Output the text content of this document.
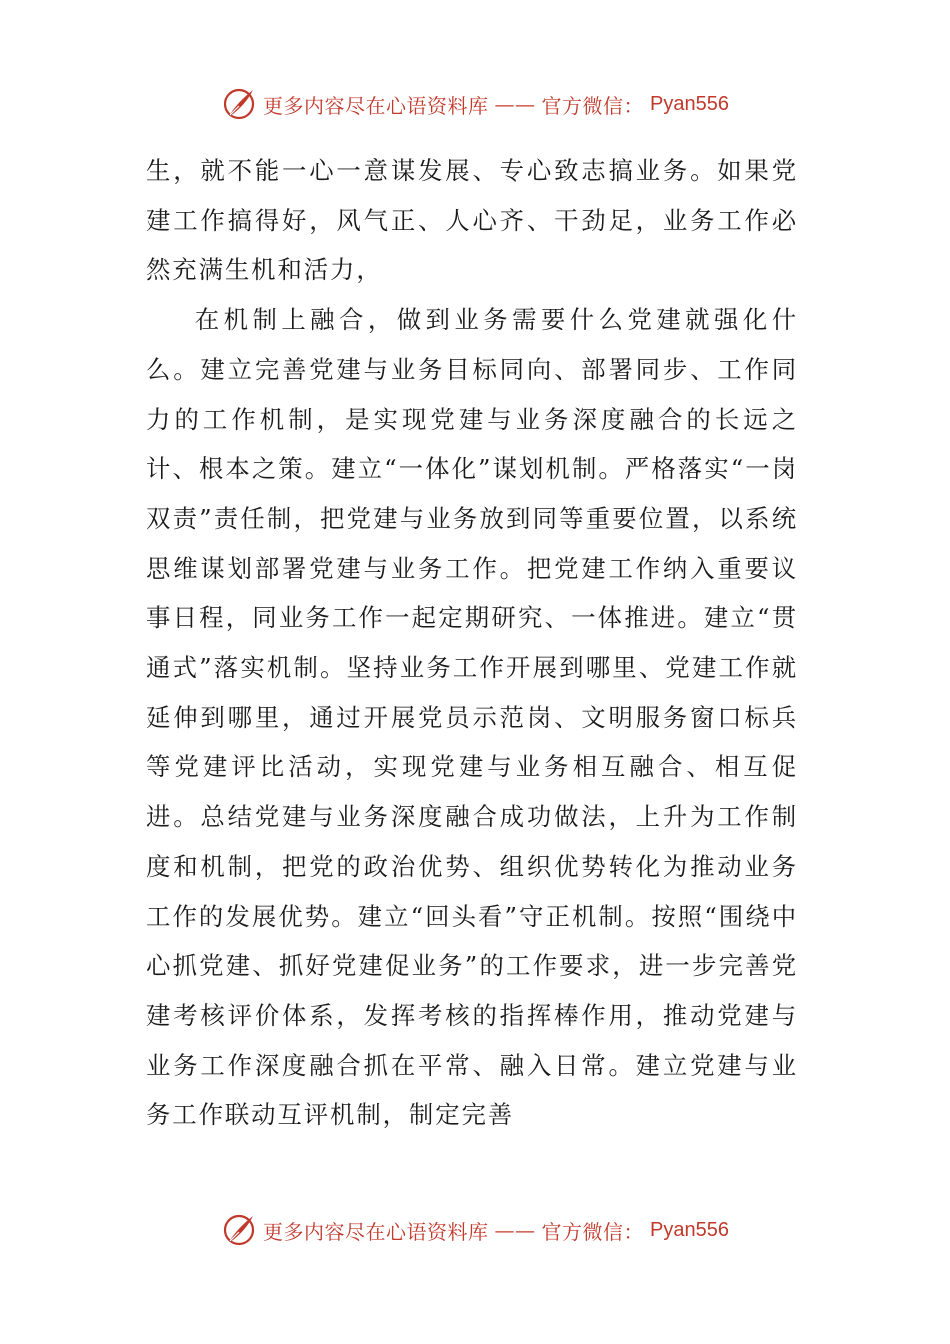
更多内容尽在心语资料库 —— 官方微信： Pyan556

生，就不能一心一意谋发展、专心致志搞业务。如果党建工作搞得好，风气正、人心齐、干劲足，业务工作必然充满生机和活力，

在机制上融合，做到业务需要什么党建就强化什么。建立完善党建与业务目标同向、部署同步、工作同力的工作机制，是实现党建与业务深度融合的长远之计、根本之策。建立“一体化”谋划机制。严格落实“一岗双责”责任制，把党建与业务放到同等重要位置，以系统思维谋划部署党建与业务工作。把党建工作纳入重要议事日程，同业务工作一起定期研究、一体推进。建立“贯通式”落实机制。坚持业务工作开展到哪里、党建工作就延伸到哪里，通过开展党员示范岗、文明服务窗口标兵等党建评比活动，实现党建与业务相互融合、相互促进。总结党建与业务深度融合成功做法，上升为工作制度和机制，把党的政治优势、组织优势转化为推动业务工作的发展优势。建立“回头看”守正机制。按照“围绕中心抓党建、抓好党建促业务”的工作要求，进一步完善党建考核评价体系，发挥考核的指挥棒作用，推动党建与业务工作深度融合抓在平常、融入日常。建立党建与业务工作联动互评机制，制定完善

更多内容尽在心语资料库 —— 官方微信： Pyan556
